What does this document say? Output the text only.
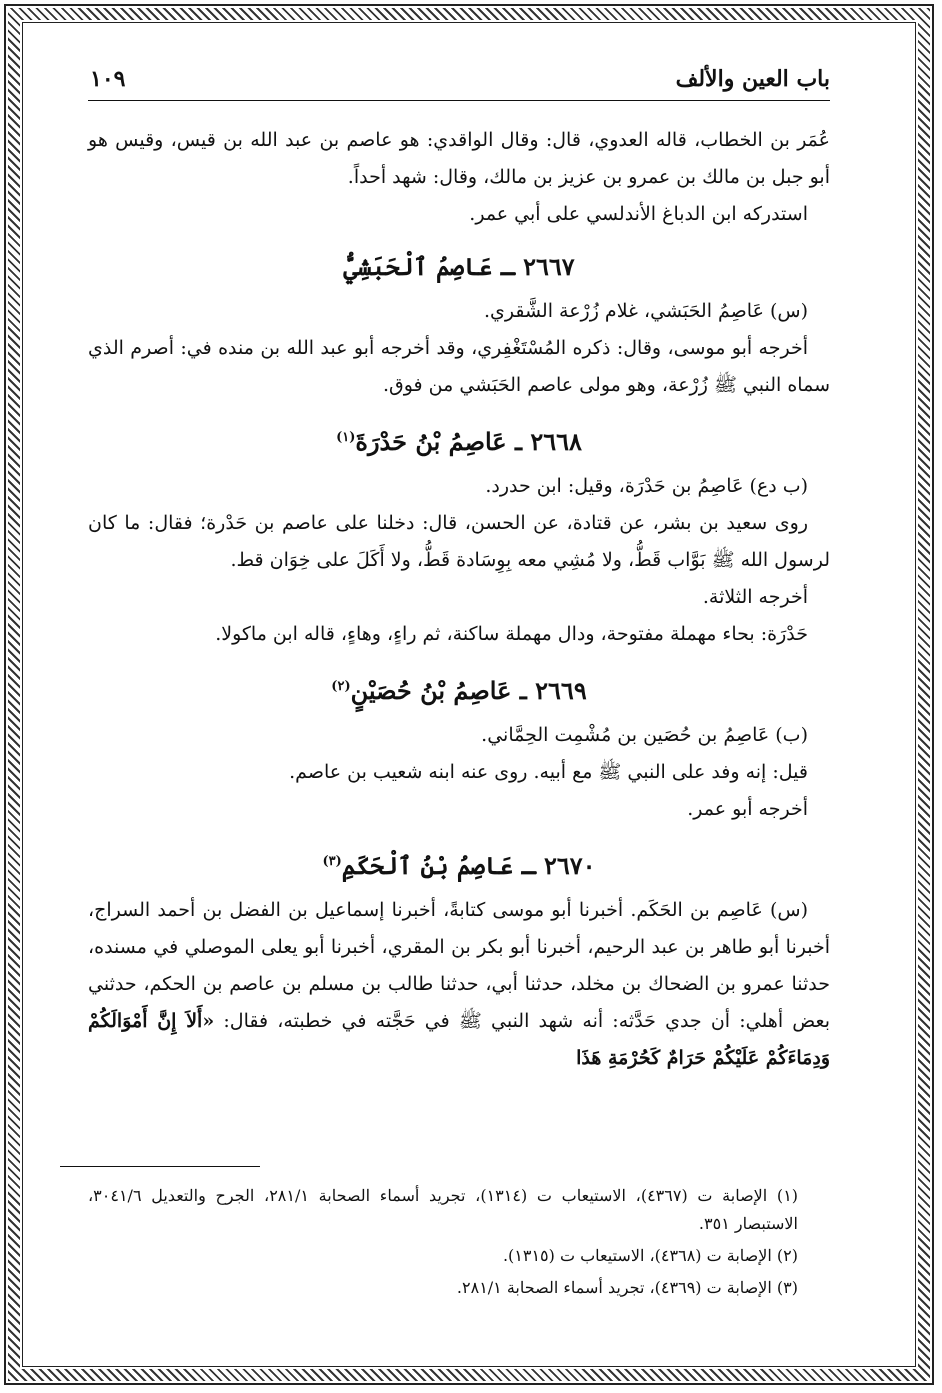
باب العين والألف
١٠٩

عُمَر بن الخطاب، قاله العدوي، قال: وقال الواقدي: هو عاصم بن عبد الله بن قيس، وقيس هو أبو جبل بن مالك بن عمرو بن عزيز بن مالك، وقال: شهد أحداً.

استدركه ابن الدباغ الأندلسي على أبي عمر.

٢٦٦٧ ـ عَاصِمُ ٱلْحَبَشِيُّ

(س) عَاصِمُ الحَبَشي، غلام زُرْعة الشَّقري.

أخرجه أبو موسى، وقال: ذكره المُسْتَغْفِري، وقد أخرجه أبو عبد الله بن منده في: أصرم الذي سماه النبي ﷺ زُرْعة، وهو مولى عاصم الحَبَشي من فوق.

٢٦٦٨ ـ عَاصِمُ بْنُ حَدْرَةَ$^{(١)}$

(ب دع) عَاصِمُ بن حَدْرَة، وقيل: ابن حدرد.

روى سعيد بن بشر، عن قتادة، عن الحسن، قال: دخلنا على عاصم بن حَدْرة؛ فقال: ما كان لرسول الله ﷺ بَوَّاب قَطُّ، ولا مُشِي معه بِوِسَادة قَطُّ، ولا أَكَلَ على خِوَان قط.

أخرجه الثلاثة.

حَدْرَة: بحاء مهملة مفتوحة، ودال مهملة ساكنة، ثم راءٍ، وهاءٍ، قاله ابن ماكولا.

٢٦٦٩ ـ عَاصِمُ بْنُ حُصَيْنٍ$^{(٢)}$

(ب) عَاصِمُ بن حُصَين بن مُشْمِت الحِمَّاني.

قيل: إنه وفد على النبي ﷺ مع أبيه. روى عنه ابنه شعيب بن عاصم.

أخرجه أبو عمر.

٢٦٧٠ ـ عَاصِمُ بْنُ ٱلْحَكَمِ$^{(٣)}$

(س) عَاصِم بن الحَكَم. أخبرنا أبو موسى كتابةً، أخبرنا إسماعيل بن الفضل بن أحمد السراج، أخبرنا أبو طاهر بن عبد الرحيم، أخبرنا أبو بكر بن المقري، أخبرنا أبو يعلى الموصلي في مسنده، حدثنا عمرو بن الضحاك بن مخلد، حدثنا أبي، حدثنا طالب بن مسلم بن عاصم بن الحكم، حدثني بعض أهلي: أن جدي حَدَّثه: أنه شهد النبي ﷺ في حَجَّته في خطبته، فقال: «أَلاَ إِنَّ أَمْوَالَكُمْ وَدِمَاءَكُمْ عَلَيْكُمْ حَرَامٌ كَحُرْمَةِ هَذَا

(١) الإصابة ت (٤٣٦٧)، الاستيعاب ت (١٣١٤)، تجريد أسماء الصحابة ٢٨١/١، الجرح والتعديل ٣٠٤١/٦، الاستبصار ٣٥١.

(٢) الإصابة ت (٤٣٦٨)، الاستيعاب ت (١٣١٥).

(٣) الإصابة ت (٤٣٦٩)، تجريد أسماء الصحابة ٢٨١/١.
